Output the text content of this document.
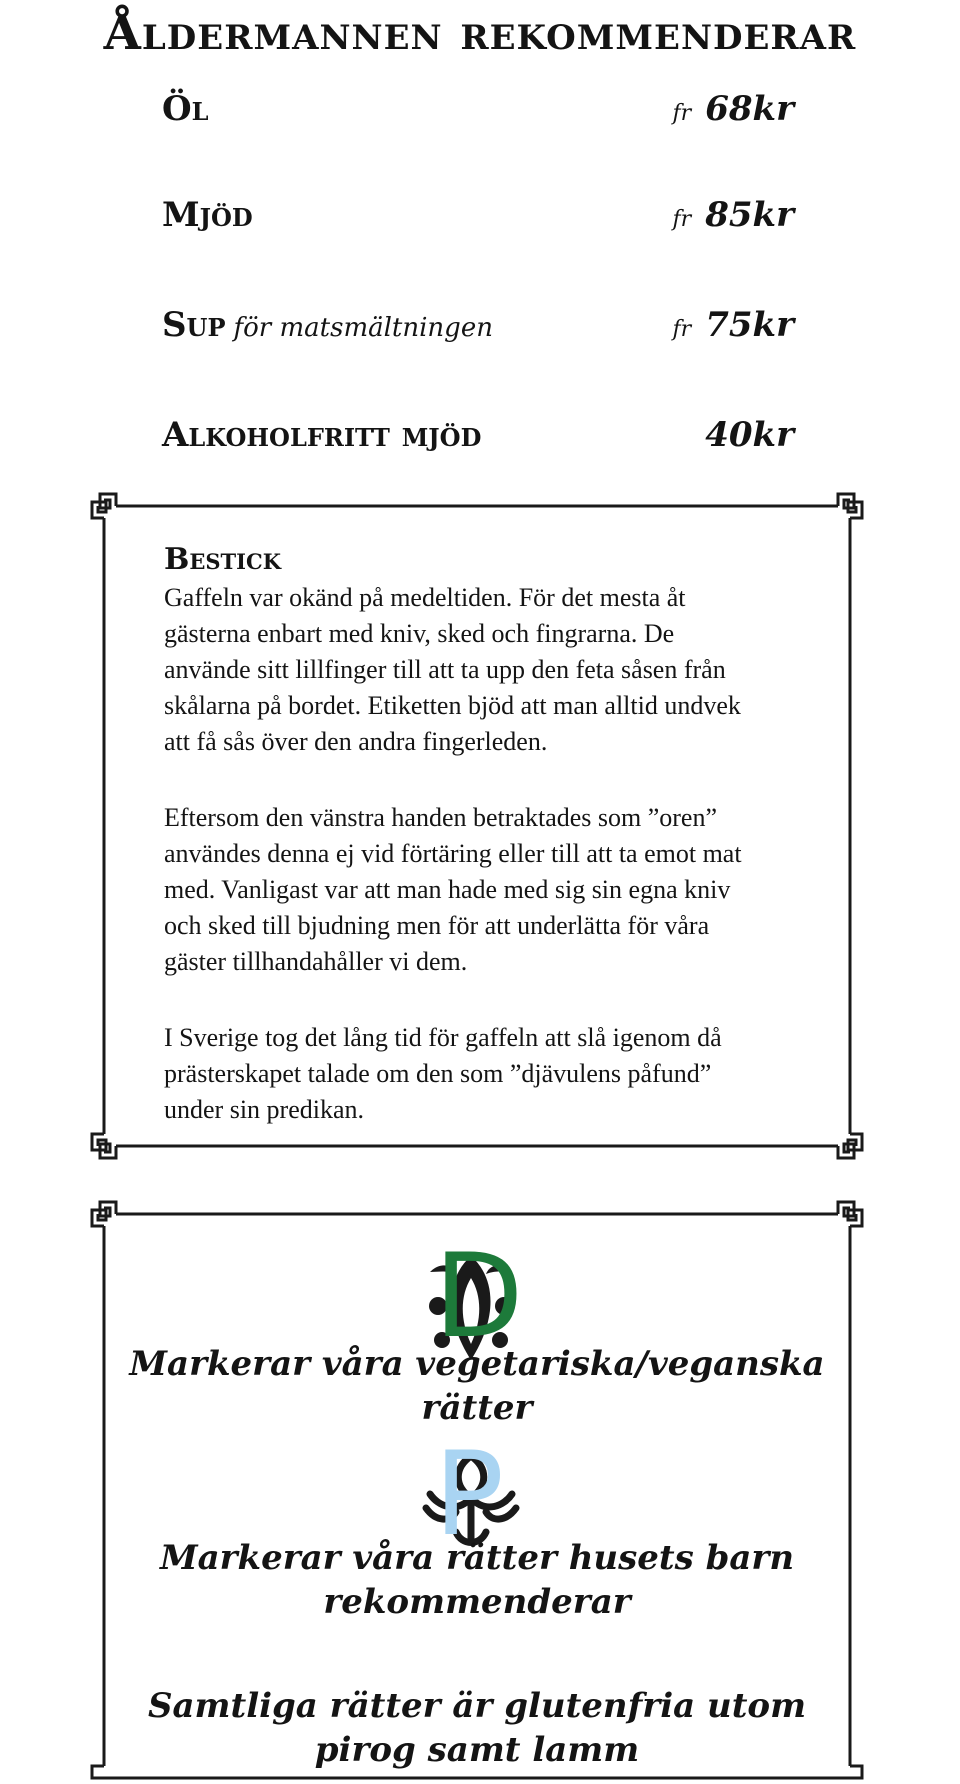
Åldermannen rekommenderar
Öl	fr 68kr
Mjöd	fr 85kr
Sup för matsmältningen	fr 75kr
Alkoholfritt mjöd	40kr
Bestick

Gaffeln var okänd på medeltiden. För det mesta åt gästerna enbart med kniv, sked och fingrarna. De använde sitt lillfinger till att ta upp den feta såsen från skålarna på bordet. Etiketten bjöd att man alltid undvek att få sås över den andra fingerleden.

Eftersom den vänstra handen betraktades som ”oren” användes denna ej vid förtäring eller till att ta emot mat med. Vanligast var att man hade med sig sin egna kniv och sked till bjudning men för att underlätta för våra gäster tillhandahåller vi dem.

I Sverige tog det lång tid för gaffeln att slå igenom då prästerskapet talade om den som ”djävulens påfund” under sin predikan.

D
Markerar våra vegetariska/veganska rätter
P
Markerar våra rätter husets barn rekommenderar
Samtliga rätter är glutenfria utom pirog samt lamm
